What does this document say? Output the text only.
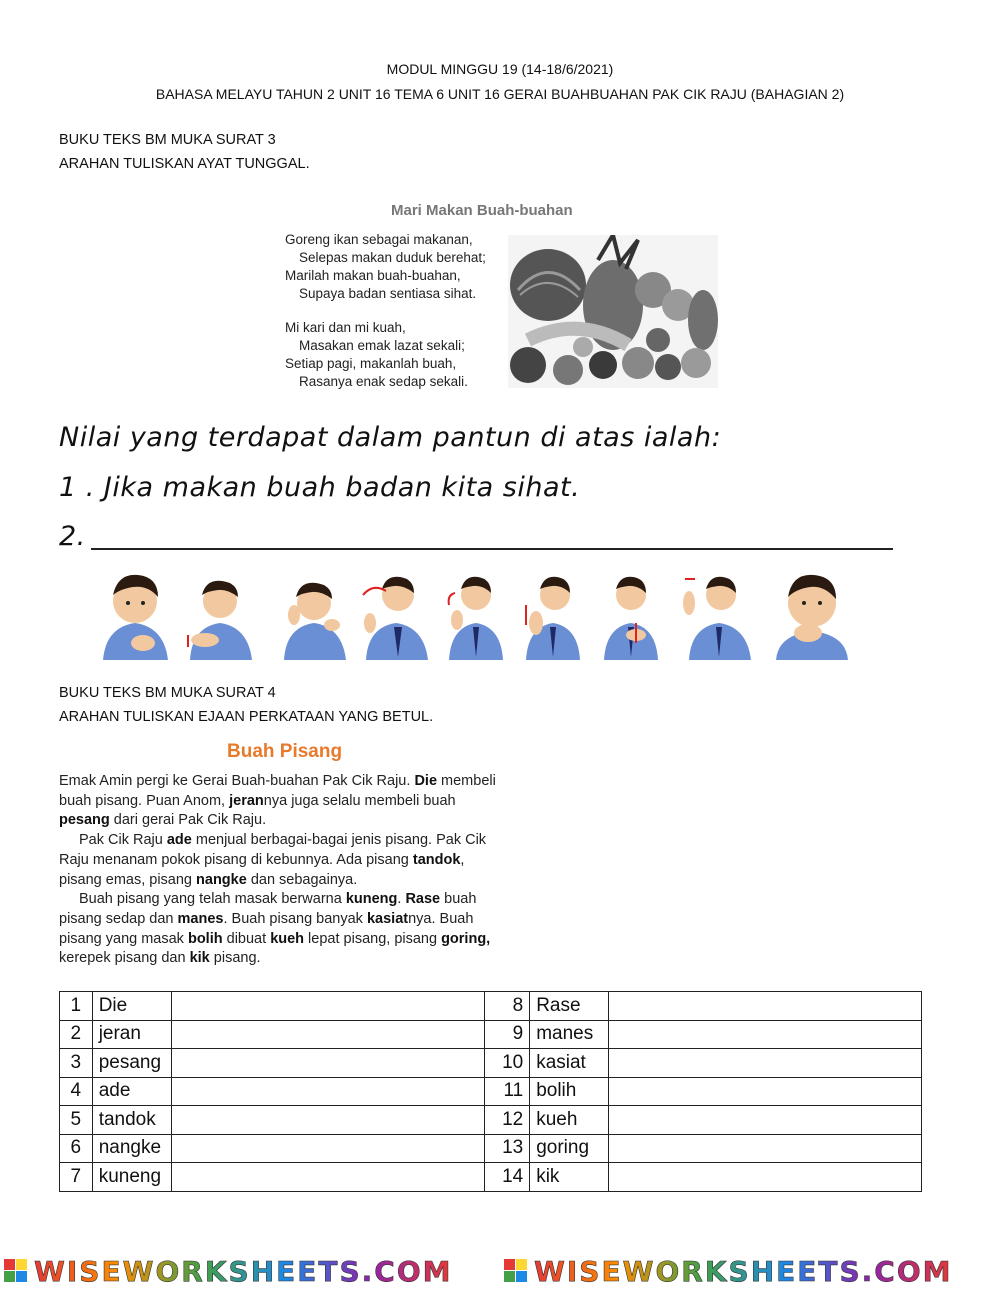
MODUL MINGGU 19 (14-18/6/2021)
BAHASA MELAYU TAHUN 2 UNIT 16 TEMA 6 UNIT 16 GERAI BUAHBUAHAN PAK CIK RAJU (BAHAGIAN 2)
BUKU TEKS BM MUKA SURAT 3
ARAHAN TULISKAN AYAT TUNGGAL.
Mari Makan Buah-buahan
Goreng ikan sebagai makanan,
Selepas makan duduk berehat;
Marilah makan buah-buahan,
Supaya badan sentiasa sihat.
Mi kari dan mi kuah,
Masakan emak lazat sekali;
Setiap pagi, makanlah buah,
Rasanya enak sedap sekali.
Nilai yang terdapat dalam pantun di atas ialah:
1 . Jika makan buah badan kita sihat.
2.
BUKU TEKS BM MUKA SURAT 4
ARAHAN TULISKAN EJAAN PERKATAAN YANG BETUL.
Buah Pisang

Emak Amin pergi ke Gerai Buah-buahan Pak Cik Raju. Die membeli buah pisang. Puan Anom, jerannya juga selalu membeli buah pesang dari gerai Pak Cik Raju.

Pak Cik Raju ade menjual berbagai-bagai jenis pisang. Pak Cik Raju menanam pokok pisang di kebunnya. Ada pisang tandok, pisang emas, pisang nangke dan sebagainya.

Buah pisang yang telah masak berwarna kuneng. Rase buah pisang sedap dan manes. Buah pisang banyak kasiatnya. Buah pisang yang masak bolih dibuat kueh lepat pisang, pisang goring, kerepek pisang dan kik pisang.

1	Die		8	Rase	
2	jeran		9	manes	
3	pesang		10	kasiat	
4	ade		11	bolih	
5	tandok		12	kueh	
6	nangke		13	goring	
7	kuneng		14	kik	
WISEWORKSHEETS.COM	WISEWORKSHEETS.COM
